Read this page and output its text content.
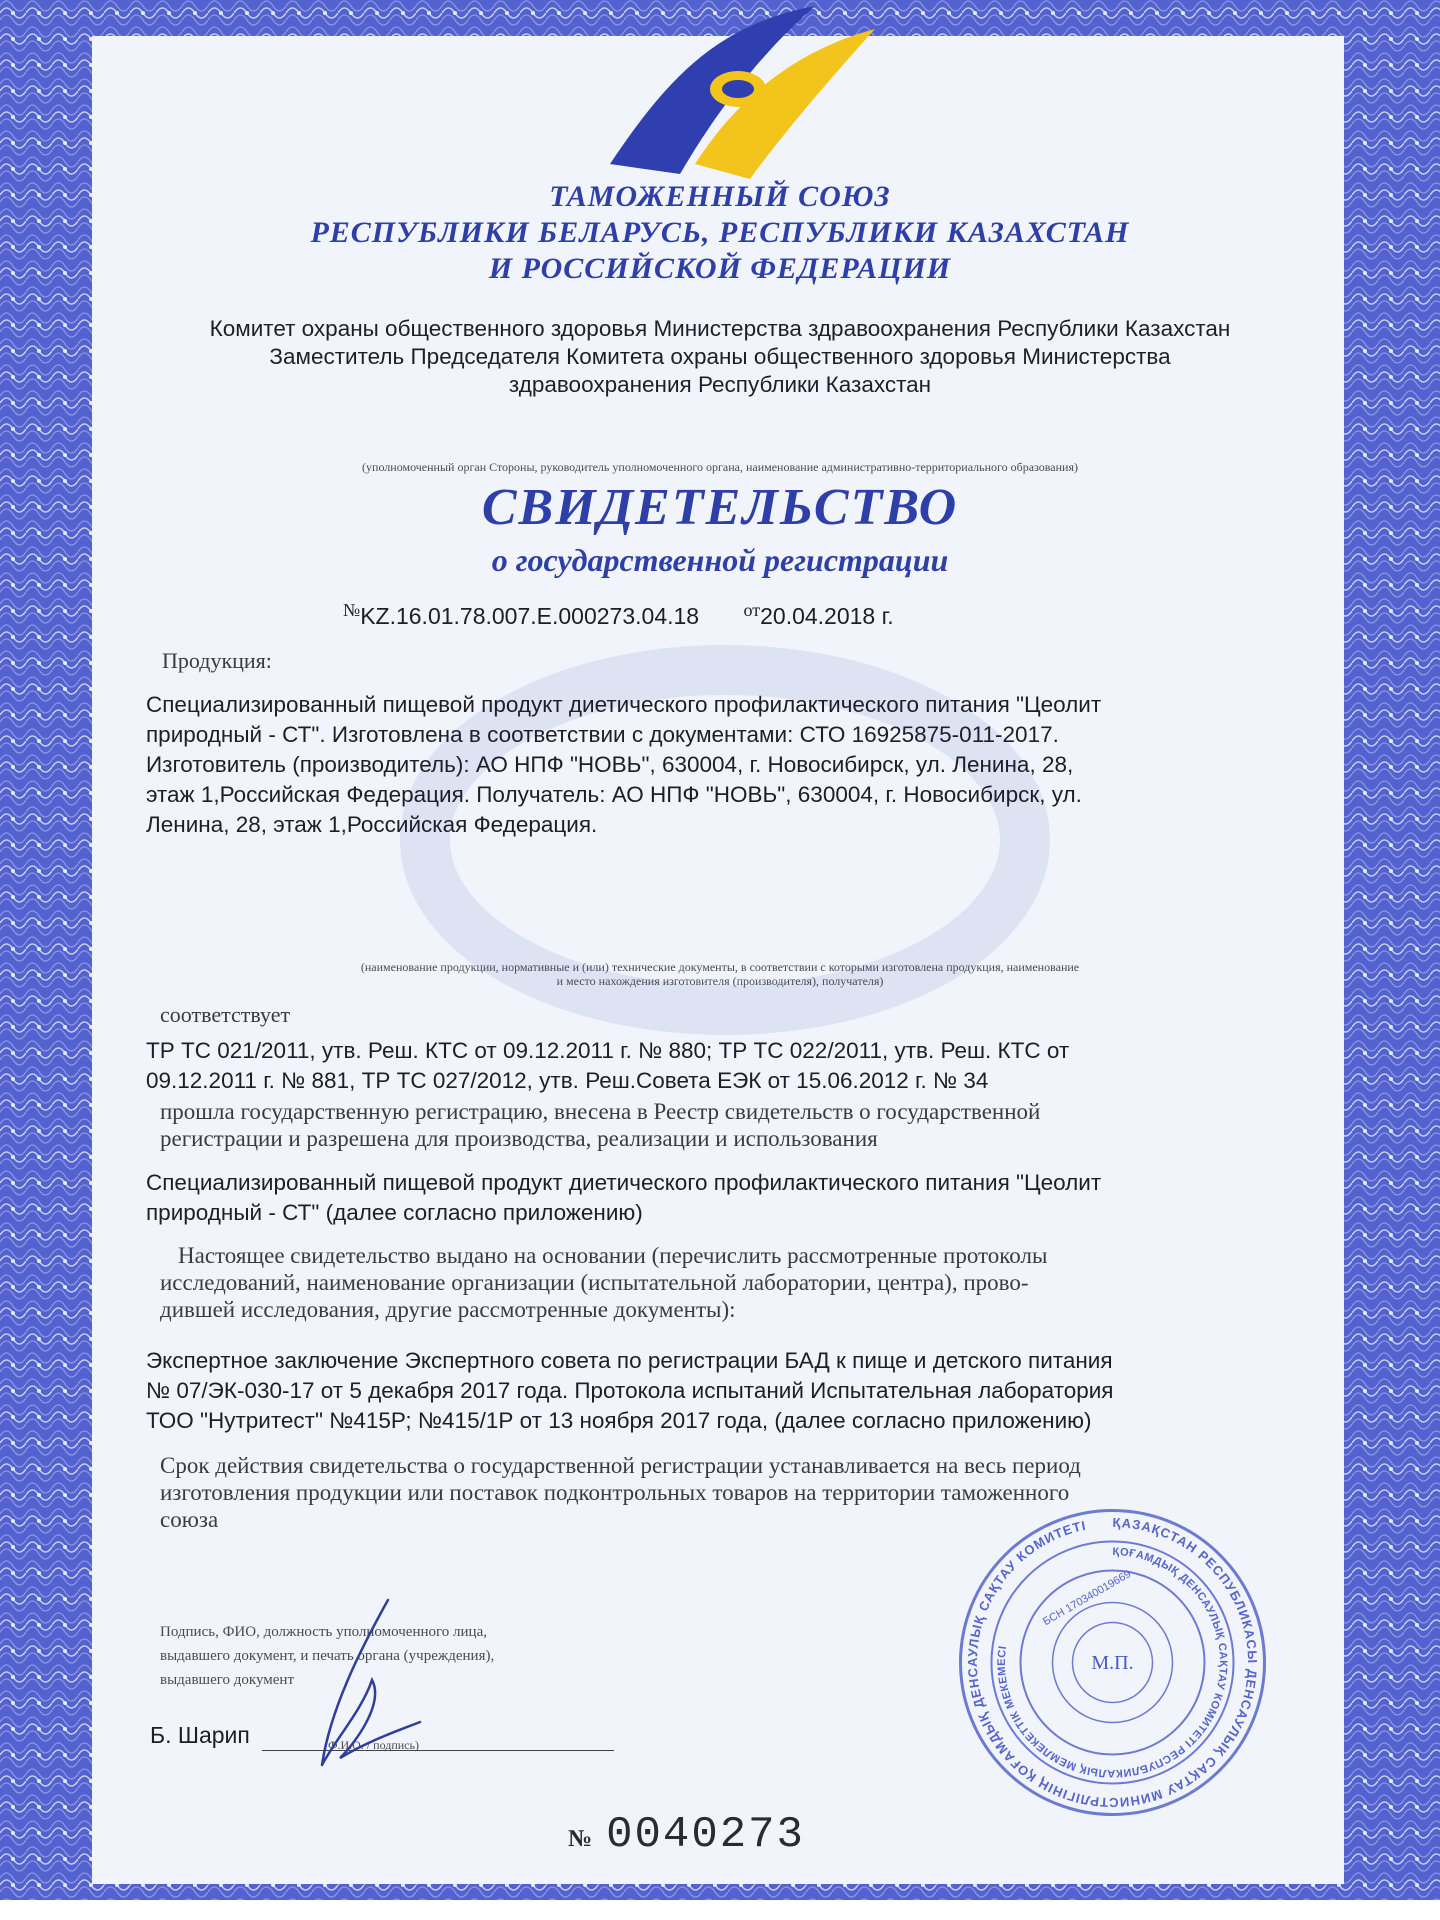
ТАМОЖЕННЫЙ СОЮЗ
РЕСПУБЛИКИ БЕЛАРУСЬ, РЕСПУБЛИКИ КАЗАХСТАН
И РОССИЙСКОЙ ФЕДЕРАЦИИ
Комитет охраны общественного здоровья Министерства здравоохранения Республики Казахстан
Заместитель Председателя Комитета охраны общественного здоровья Министерства
здравоохранения Республики Казахстан
(уполномоченный орган Стороны, руководитель уполномоченного органа, наименование административно-территориального образования)
СВИДЕТЕЛЬСТВО
о государственной регистрации
№KZ.16.01.78.007.E.000273.04.18 $^{от}$20.04.2018 г.
Продукция:
Специализированный пищевой продукт диетического профилактического питания "Цеолит
природный - СТ". Изготовлена в соответствии с документами: СТО 16925875-011-2017.
Изготовитель (производитель): АО НПФ "НОВЬ", 630004, г. Новосибирск, ул. Ленина, 28,
этаж 1,Российская Федерация. Получатель: АО НПФ "НОВЬ", 630004, г. Новосибирск, ул.
Ленина, 28, этаж 1,Российская Федерация.
(наименование продукции, нормативные и (или) технические документы, в соответствии с которыми изготовлена продукция, наименование
и место нахождения изготовителя (производителя), получателя)
соответствует
ТР ТС 021/2011, утв. Реш. КТС от 09.12.2011 г. № 880; ТР ТС 022/2011, утв. Реш. КТС от
09.12.2011 г. № 881, ТР ТС 027/2012, утв. Реш.Совета ЕЭК от 15.06.2012 г. № 34
прошла государственную регистрацию, внесена в Реестр свидетельств о государственной
регистрации и разрешена для производства, реализации и использования
Специализированный пищевой продукт диетического профилактического питания "Цеолит
природный - СТ" (далее согласно приложению)
Настоящее свидетельство выдано на основании (перечислить рассмотренные протоколы
исследований, наименование организации (испытательной лаборатории, центра), прово-
дившей исследования, другие рассмотренные документы):
Экспертное заключение Экспертного совета по регистрации БАД к пище и детского питания
№ 07/ЭК-030-17 от 5 декабря 2017 года. Протокола испытаний Испытательная лаборатория
ТОО "Нутритест" №415Р; №415/1Р от 13 ноября 2017 года, (далее согласно приложению)
Срок действия свидетельства о государственной регистрации устанавливается на весь период
изготовления продукции или поставок подконтрольных товаров на территории таможенного
союза
Подпись, ФИО, должность уполномоченного лица,
выдавшего документ, и печать органа (учреждения),
выдавшего документ
Б. Шарип	(Ф.И.О. / подпись)
ҚАЗАҚСТАН РЕСПУБЛИКАСЫ ДЕНСАУЛЫҚ САҚТАУ МИНИСТРЛІГІНІҢ ҚОҒАМДЫҚ ДЕНСАУЛЫҚ САҚТАУ КОМИТЕТІ
ҚОҒАМДЫҚ ДЕНСАУЛЫҚ САҚТАУ КОМИТЕТІ РЕСПУБЛИКАЛЫҚ МЕМЛЕКЕТТІК МЕКЕМЕСІ
БСН 170340019669
М.П.
№ 0040273
